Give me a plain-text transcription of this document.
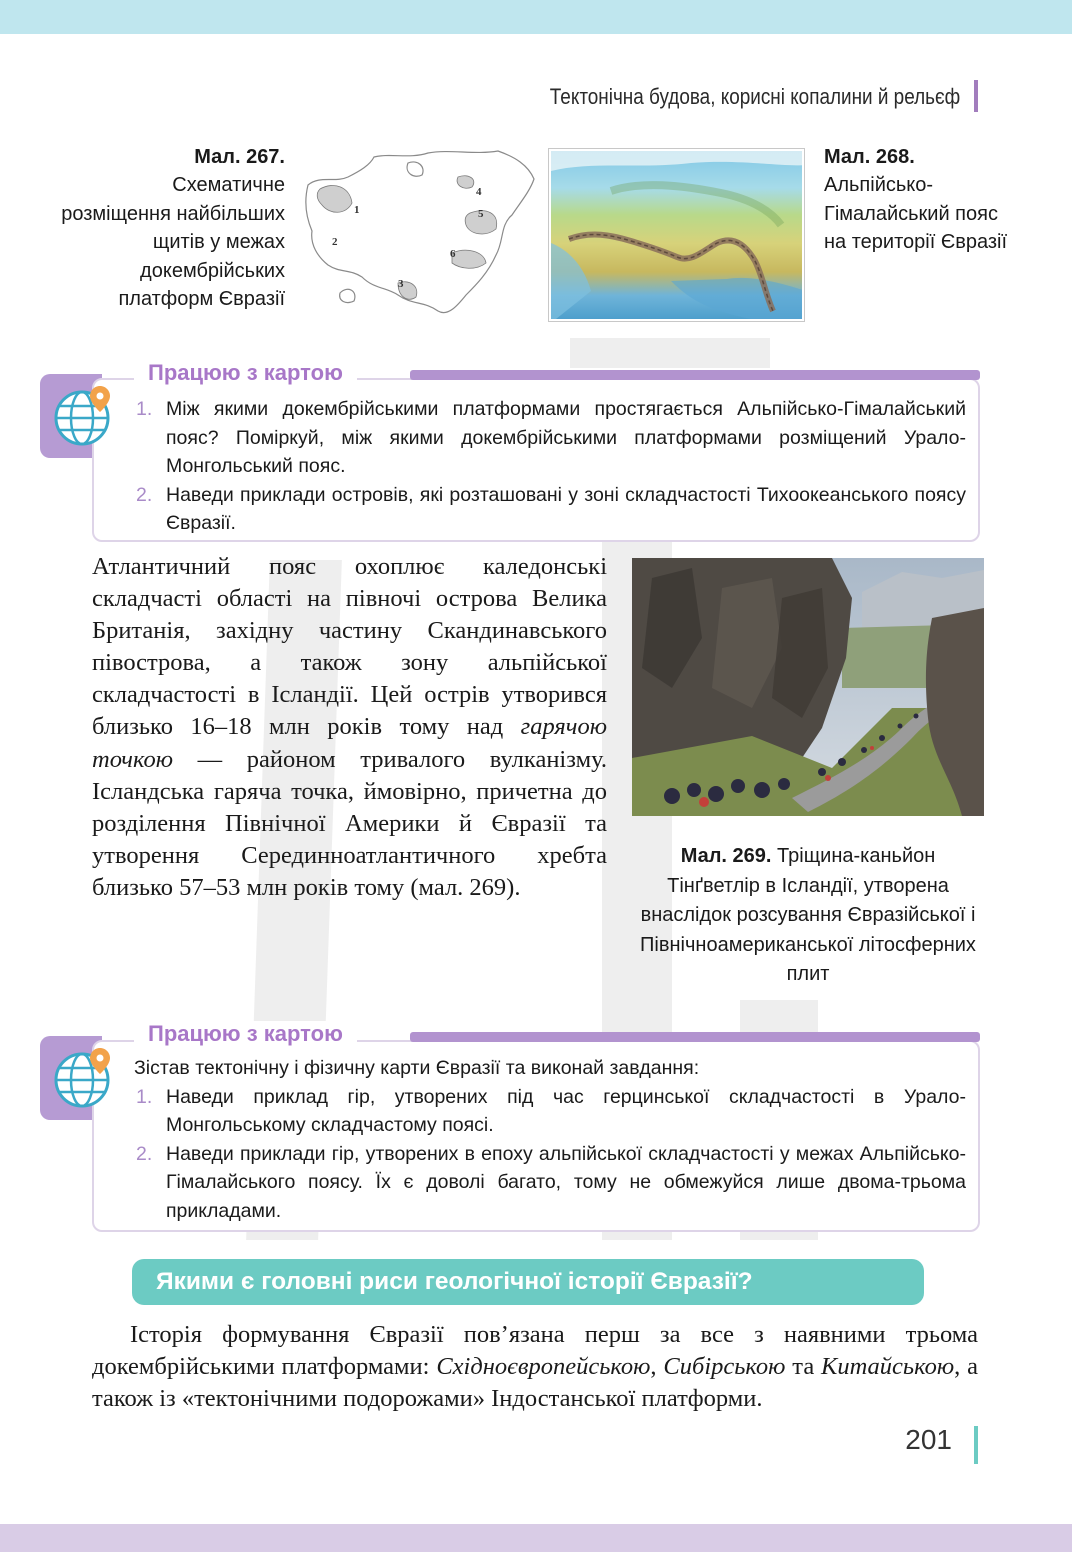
Тектонічна будова, корисні копалини й рельєф
Мал. 267.
Схематичне розміщення найбільших щитів у межах докембрійських платформ Євразії
1
2
3
4
5
6
Мал. 268.
Альпійсько-Гімалайський пояс на території Євразії
Працюю з картою
1. Між якими докембрійськими платформами простягається Альпійсько-Гімалайський пояс? Поміркуй, між якими докембрійськими платформами розміщений Урало-Монгольський пояс.
2. Наведи приклади островів, які розташовані у зоні складчастості Тихоокеанського поясу Євразії.

Атлантичний пояс охоплює каледонські складчасті області на півночі острова Велика Британія, західну частину Скандинавського півострова, а також зону альпійської складчастості в Ісландії. Цей острів утворився близько 16–18 млн років тому над гарячою точкою — районом тривалого вулканізму. Ісландська гаряча точка, ймовірно, причетна до розділення Північної Америки й Євразії та утворення Серединноатлантичного хребта близько 57–53 млн років тому (мал. 269).

Мал. 269. Тріщина-каньйон Тінґветлір в Ісландії, утворена внаслідок розсування Євразійської і Північноамериканської літосферних плит
Працюю з картою
Зістав тектонічну і фізичну карти Євразії та виконай завдання:
1. Наведи приклад гір, утворених під час герцинської складчастості в Урало-Монгольському складчастому поясі.
2. Наведи приклади гір, утворених в епоху альпійської складчастості у межах Альпійсько-Гімалайського поясу. Їх є доволі багато, тому не обмежуйся лише двома-трьома прикладами.
Якими є головні риси геологічної історії Євразії?

Історія формування Євразії пов’язана перш за все з наявними трьома докембрійськими платформами: Східноєвропейською, Сибірською та Китайською, а також із «тектонічними подорожами» Індостанської платформи.

201
